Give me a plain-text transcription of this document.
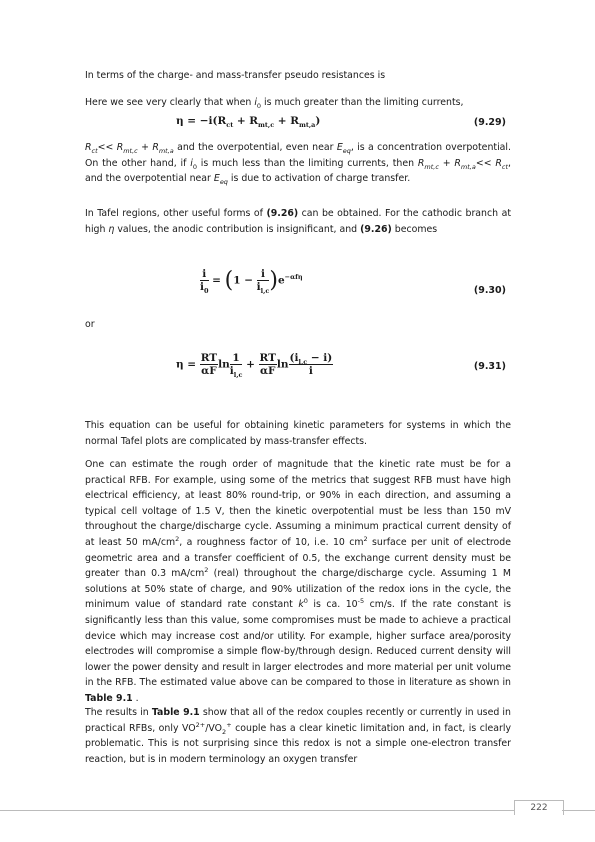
In terms of the charge- and mass-transfer pseudo resistances is

Here we see very clearly that when $i_0$ is much greater than the limiting currents,

$\eta = -i(R_{ct} + R_{mt,c} + R_{mt,a})$	(9.29)

$R_{ct}<< R_{mt,c} + R_{mt,a}$ and the overpotential, even near $E_{eq}$, is a concentration overpotential. On the other hand, if $i_0$ is much less than the limiting currents, then $R_{mt,c} + R_{mt,a}<< R_{ct}$, and the overpotential near $E_{eq}$ is due to activation of charge transfer.

In Tafel regions, other useful forms of (9.26) can be obtained. For the cathodic branch at high η values, the anodic contribution is insignificant, and (9.26) becomes

$\frac{i}{i_0} = (1 - \frac{i}{i_{l,c}} )e^{-\alpha f\eta}$
(9.30)

or

$\eta = \frac{RT}{\alpha F}$ $\ln \frac{1}{i_{l,c}} + \frac{RT}{\alpha F}$ $\ln \frac{(i_{l,c} - i)}{i}$	(9.31)

This equation can be useful for obtaining kinetic parameters for systems in which the normal Tafel plots are complicated by mass-transfer effects.

One can estimate the rough order of magnitude that the kinetic rate must be for a practical RFB. For example, using some of the metrics that suggest RFB must have high electrical efficiency, at least 80% round-trip, or 90% in each direction, and assuming a typical cell voltage of 1.5 V, then the kinetic overpotential must be less than 150 mV throughout the charge/discharge cycle. Assuming a minimum practical current density of at least 50 $mA/cm^2$, a roughness factor of 10, i.e. 10 $cm^2$ surface per unit of electrode geometric area and a transfer coefficient of 0.5, the exchange current density must be greater than 0.3 $mA/cm^2$ (real) throughout the charge/discharge cycle. Assuming 1 M solutions at 50% state of charge, and 90% utilization of the redox ions in the cycle, the minimum value of standard rate constant $k^0$ is ca. $10^{-5}$ cm/s. If the rate constant is significantly less than this value, some compromises must be made to achieve a practical device which may increase cost and/or utility. For example, higher surface area/porosity electrodes will compromise a simple flow-by/through design. Reduced current density will lower the power density and result in larger electrodes and more material per unit volume in the RFB. The estimated value above can be compared to those in literature as shown in Table 9.1 .

The results in Table 9.1 show that all of the redox couples recently or currently in used in practical RFBs, only $VO^{2+}/VO_2^+$ couple has a clear kinetic limitation and, in fact, is clearly problematic. This is not surprising since this redox is not a simple one-electron transfer reaction, but is in modern terminology an oxygen transfer

222
